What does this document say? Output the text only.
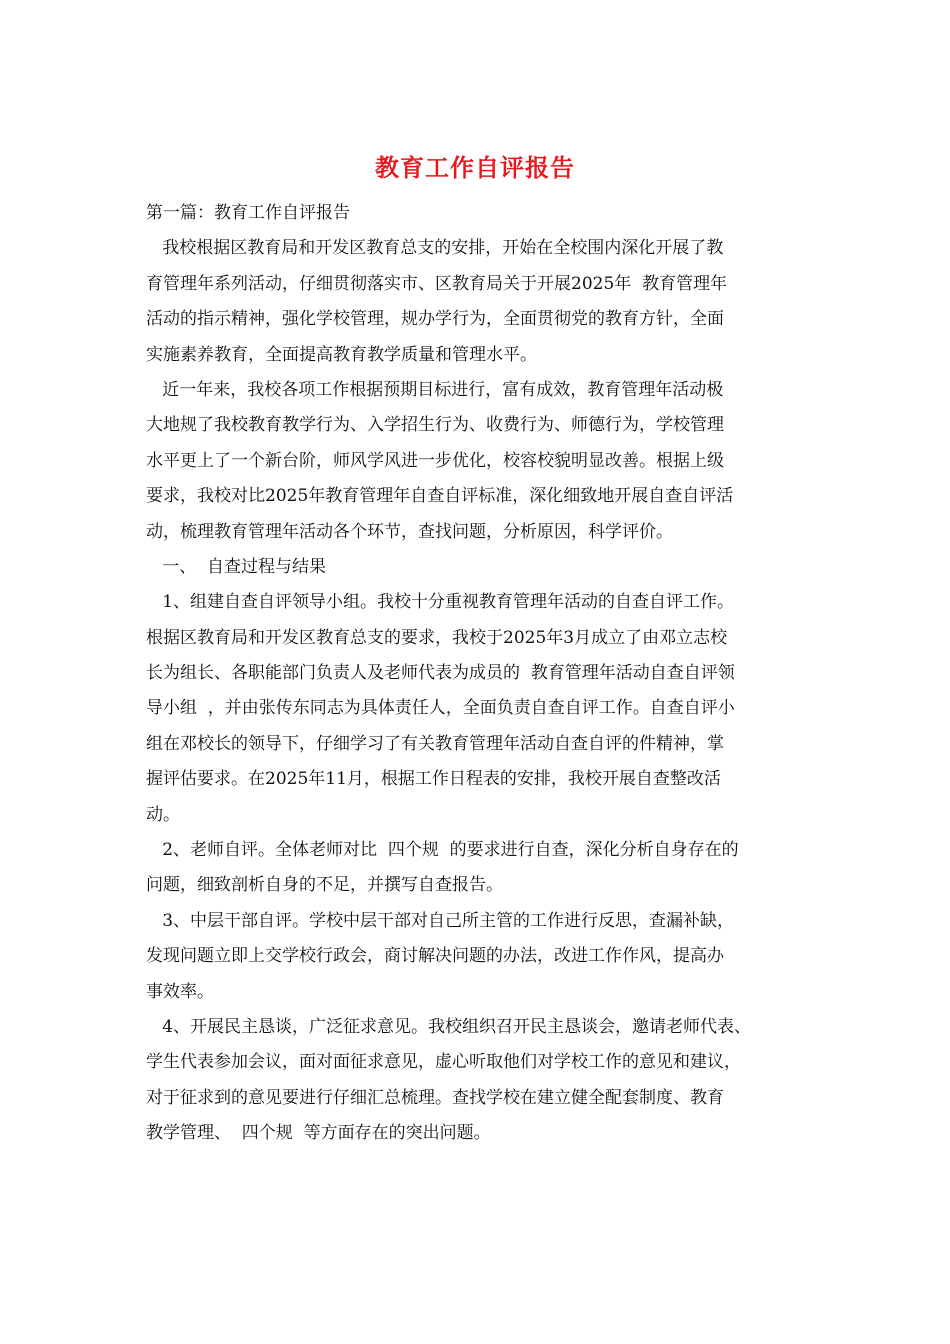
教育工作自评报告
第一篇：教育工作自评报告
我校根据区教育局和开发区教育总支的安排，开始在全校围内深化开展了教
育管理年系列活动，仔细贯彻落实市、区教育局关于开展2025年  教育管理年
活动的指示精神，强化学校管理，规办学行为，全面贯彻党的教育方针，全面
实施素养教育，全面提高教育教学质量和管理水平。
近一年来，我校各项工作根据预期目标进行，富有成效，教育管理年活动极
大地规了我校教育教学行为、入学招生行为、收费行为、师德行为，学校管理
水平更上了一个新台阶，师风学风进一步优化，校容校貌明显改善。根据上级
要求，我校对比2025年教育管理年自查自评标准，深化细致地开展自查自评活
动，梳理教育管理年活动各个环节，查找问题，分析原因，科学评价。
一、  自查过程与结果
1、组建自查自评领导小组。我校十分重视教育管理年活动的自查自评工作。
根据区教育局和开发区教育总支的要求，我校于2025年3月成立了由邓立志校
长为组长、各职能部门负责人及老师代表为成员的  教育管理年活动自查自评领
导小组  ，并由张传东同志为具体责任人，全面负责自查自评工作。自查自评小
组在邓校长的领导下，仔细学习了有关教育管理年活动自查自评的件精神，掌
握评估要求。在2025年11月，根据工作日程表的安排，我校开展自查整改活
动。
2、老师自评。全体老师对比  四个规  的要求进行自查，深化分析自身存在的
问题，细致剖析自身的不足，并撰写自查报告。
3、中层干部自评。学校中层干部对自己所主管的工作进行反思，查漏补缺，
发现问题立即上交学校行政会，商讨解决问题的办法，改进工作作风，提高办
事效率。
4、开展民主恳谈，广泛征求意见。我校组织召开民主恳谈会，邀请老师代表、
学生代表参加会议，面对面征求意见，虚心听取他们对学校工作的意见和建议，
对于征求到的意见要进行仔细汇总梳理。查找学校在建立健全配套制度、教育
教学管理、  四个规  等方面存在的突出问题。
